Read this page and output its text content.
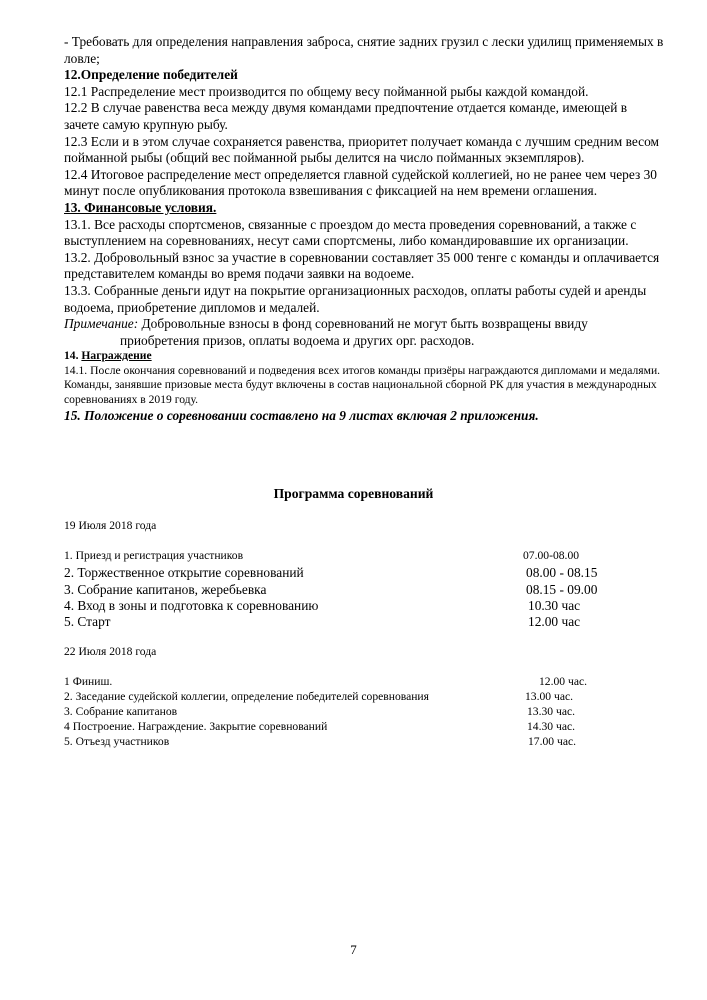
- Требовать для определения направления заброса, снятие задних грузил с лески удилищ применяемых в ловле;

12.Определение победителей

12.1 Распределение мест производится по общему весу пойманной рыбы каждой командой.

12.2 В случае равенства веса между двумя командами предпочтение отдается команде, имеющей в зачете самую крупную рыбу.

12.3 Если и в этом случае сохраняется равенства, приоритет получает команда с лучшим средним весом пойманной рыбы (общий вес пойманной рыбы делится на число пойманных экземпляров).

12.4 Итоговое распределение мест определяется главной судейской коллегией, но не ранее чем через 30 минут после опубликования протокола взвешивания с фиксацией на нем времени оглашения.

13. Финансовые условия.

13.1. Все расходы спортсменов, связанные с проездом до места проведения соревнований, а также с выступлением на соревнованиях, несут сами спортсмены, либо командировавшие их организации.

13.2. Добровольный взнос за участие в соревновании составляет 35 000 тенге с команды и оплачивается представителем команды во время подачи заявки на водоеме.

13.3. Собранные деньги идут на покрытие организационных расходов, оплаты работы судей и аренды водоема, приобретение дипломов и медалей.

Примечание: Добровольные взносы в фонд соревнований не могут быть возвращены ввиду

приобретения призов, оплаты водоема и других орг. расходов.

14. Награждение

14.1. После окончания соревнований и подведения всех итогов команды призёры награждаются дипломами и медалями. Команды, занявшие призовые места будут включены в состав национальной сборной РК для участия в международных соревнованиях в 2019 году.

15. Положение о соревновании составлено на 9 листах включая 2 приложения.

Программа соревнований
19 Июля 2018 года
1. Приезд и регистрация участников	07.00-08.00
2. Торжественное открытие соревнований	08.00 - 08.15
3. Собрание капитанов, жеребьевка	08.15 - 09.00
4. Вход в зоны и подготовка к соревнованию	10.30 час
5. Старт	12.00 час
22 Июля 2018 года
1 Финиш.	12.00 час.
2. Заседание судейской коллегии, определение победителей соревнования	13.00 час.
3. Собрание капитанов	13.30 час.
4 Построение. Награждение. Закрытие соревнований	14.30 час.
5. Отъезд участников	17.00 час.
7
